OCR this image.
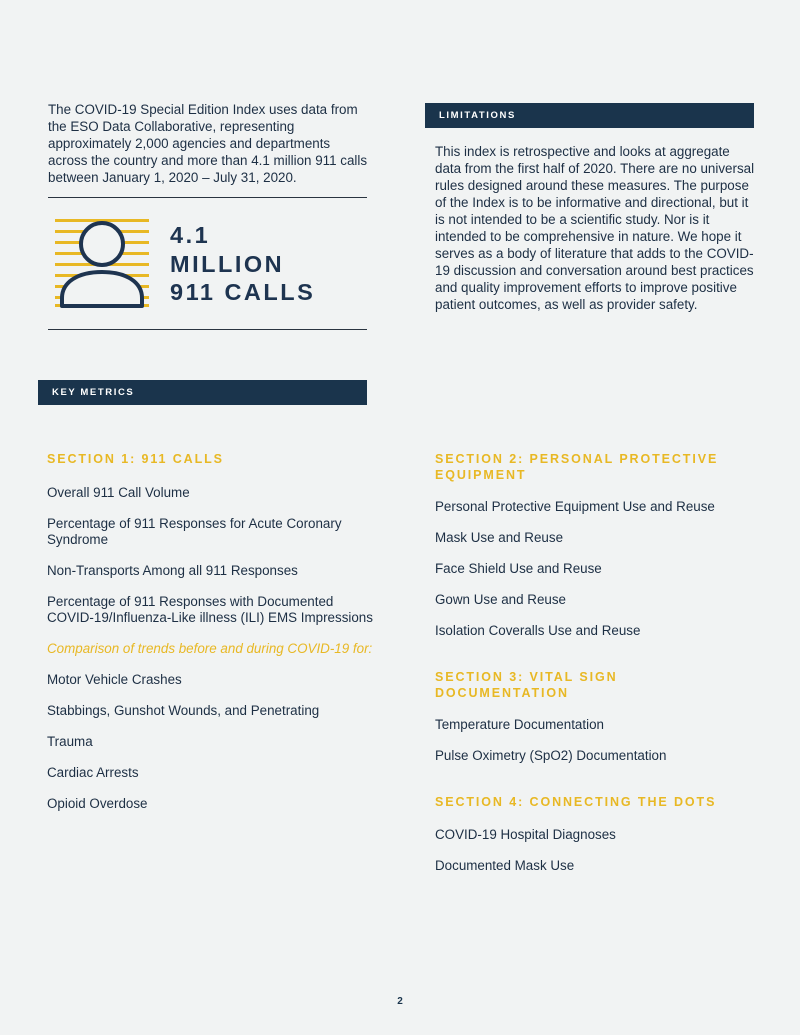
The COVID-19 Special Edition Index uses data from the ESO Data Collaborative, representing approximately 2,000 agencies and departments across the country and more than 4.1 million 911 calls between January 1, 2020 – July 31, 2020.
4.1
MILLION
911 CALLS
LIMITATIONS
This index is retrospective and looks at aggregate data from the first half of 2020. There are no universal rules designed around these measures. The purpose of the Index is to be informative and directional, but it is not intended to be a scientific study. Nor is it intended to be comprehensive in nature. We hope it serves as a body of literature that adds to the COVID-19 discussion and conversation around best practices and quality improvement efforts to improve positive patient outcomes, as well as provider safety.
KEY METRICS
SECTION 1: 911 CALLS
Overall 911 Call Volume
Percentage of 911 Responses for Acute Coronary Syndrome
Non-Transports Among all 911 Responses
Percentage of 911 Responses with Documented COVID-19/Influenza-Like illness (ILI) EMS Impressions
Comparison of trends before and during COVID-19 for:
Motor Vehicle Crashes
Stabbings, Gunshot Wounds, and Penetrating
Trauma
Cardiac Arrests
Opioid Overdose
SECTION 2: PERSONAL PROTECTIVE EQUIPMENT
Personal Protective Equipment Use and Reuse
Mask Use and Reuse
Face Shield Use and Reuse
Gown Use and Reuse
Isolation Coveralls Use and Reuse
SECTION 3: VITAL SIGN DOCUMENTATION
Temperature Documentation
Pulse Oximetry (SpO2) Documentation
SECTION 4: CONNECTING THE DOTS
COVID-19 Hospital Diagnoses
Documented Mask Use
2
